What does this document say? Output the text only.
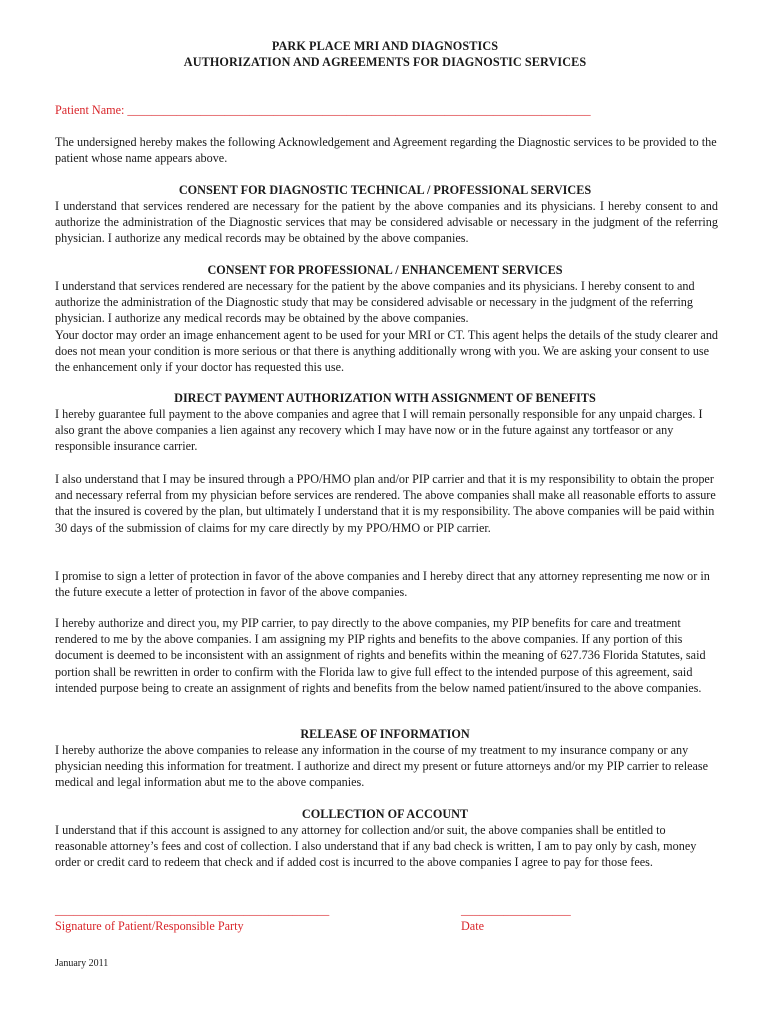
PARK PLACE MRI AND DIAGNOSTICS
AUTHORIZATION AND AGREEMENTS FOR DIAGNOSTIC SERVICES
Patient Name: ____________________________________________________________________________
The undersigned hereby makes the following Acknowledgement and Agreement regarding the Diagnostic services to be provided to the patient whose name appears above.
CONSENT FOR DIAGNOSTIC TECHNICAL / PROFESSIONAL SERVICES
I understand that services rendered are necessary for the patient by the above companies and its physicians. I hereby consent to and authorize the administration of the Diagnostic services that may be considered advisable or necessary in the judgment of the referring physician. I authorize any medical records may be obtained by the above companies.
CONSENT FOR PROFESSIONAL / ENHANCEMENT SERVICES
I understand that services rendered are necessary for the patient by the above companies and its physicians. I hereby consent to and authorize the administration of the Diagnostic study that may be considered advisable or necessary in the judgment of the referring physician. I authorize any medical records may be obtained by the above companies.
Your doctor may order an image enhancement agent to be used for your MRI or CT. This agent helps the details of the study clearer and does not mean your condition is more serious or that there is anything additionally wrong with you. We are asking your consent to use the enhancement only if your doctor has requested this use.
DIRECT PAYMENT AUTHORIZATION WITH ASSIGNMENT OF BENEFITS
I hereby guarantee full payment to the above companies and agree that I will remain personally responsible for any unpaid charges. I also grant the above companies a lien against any recovery which I may have now or in the future against any tortfeasor or any responsible insurance carrier.
I also understand that I may be insured through a PPO/HMO plan and/or PIP carrier and that it is my responsibility to obtain the proper and necessary referral from my physician before services are rendered. The above companies shall make all reasonable efforts to assure that the insured is covered by the plan, but ultimately I understand that it is my responsibility. The above companies will be paid within 30 days of the submission of claims for my care directly by my PPO/HMO or PIP carrier.
I promise to sign a letter of protection in favor of the above companies and I hereby direct that any attorney representing me now or in the future execute a letter of protection in favor of the above companies.
I hereby authorize and direct you, my PIP carrier, to pay directly to the above companies, my PIP benefits for care and treatment rendered to me by the above companies. I am assigning my PIP rights and benefits to the above companies. If any portion of this document is deemed to be inconsistent with an assignment of rights and benefits within the meaning of 627.736 Florida Statutes, said portion shall be rewritten in order to confirm with the Florida law to give full effect to the intended purpose of this agreement, said intended purpose being to create an assignment of rights and benefits from the below named patient/insured to the above companies.
RELEASE OF INFORMATION
I hereby authorize the above companies to release any information in the course of my treatment to my insurance company or any physician needing this information for treatment. I authorize and direct my present or future attorneys and/or my PIP carrier to release medical and legal information abut me to the above companies.
COLLECTION OF ACCOUNT
I understand that if this account is assigned to any attorney for collection and/or suit, the above companies shall be entitled to reasonable attorney’s fees and cost of collection. I also understand that if any bad check is written, I am to pay only by cash, money order or credit card to redeem that check and if added cost is incurred to the above companies I agree to pay for those fees.
_____________________________________________
Signature of Patient/Responsible Party
__________________
Date
January 2011
